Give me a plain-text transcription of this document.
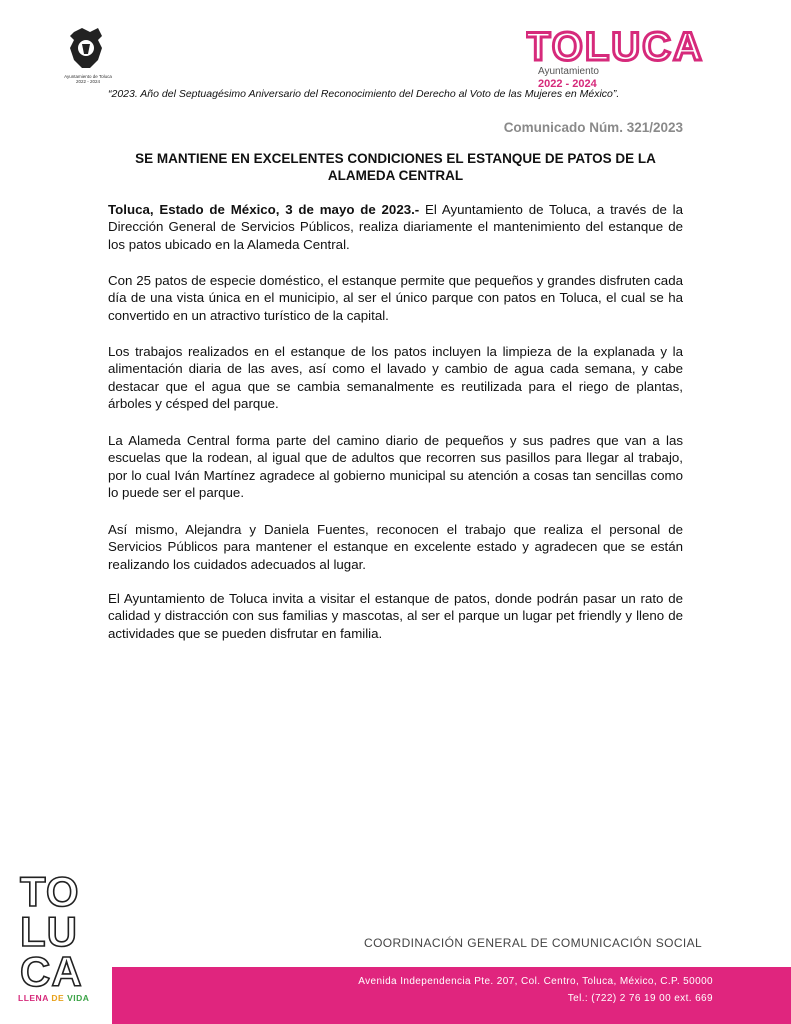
Ayuntamiento de Toluca
2022 - 2024
TOLUCA
Ayuntamiento
2022 - 2024
“2023. Año del Septuagésimo Aniversario del Reconocimiento del Derecho al Voto de las Mujeres en México”.
Comunicado Núm. 321/2023
SE MANTIENE EN EXCELENTES CONDICIONES EL ESTANQUE DE PATOS DE LA ALAMEDA CENTRAL
Toluca, Estado de México, 3 de mayo de 2023.- El Ayuntamiento de Toluca, a través de la Dirección General de Servicios Públicos, realiza diariamente el mantenimiento del estanque de los patos ubicado en la Alameda Central.
Con 25 patos de especie doméstico, el estanque permite que pequeños y grandes disfruten cada día de una vista única en el municipio, al ser el único parque con patos en Toluca, el cual se ha convertido en un atractivo turístico de la capital.
Los trabajos realizados en el estanque de los patos incluyen la limpieza de la explanada y la alimentación diaria de las aves, así como el lavado y cambio de agua cada semana, y cabe destacar que el agua que se cambia semanalmente es reutilizada para el riego de plantas, árboles y césped del parque.
La Alameda Central forma parte del camino diario de pequeños y sus padres que van a las escuelas que la rodean, al igual que de adultos que recorren sus pasillos para llegar al trabajo, por lo cual Iván Martínez agradece al gobierno municipal su atención a cosas tan sencillas como lo puede ser el parque.
Así mismo, Alejandra y Daniela Fuentes, reconocen el trabajo que realiza el personal de Servicios Públicos para mantener el estanque en excelente estado y agradecen que se están realizando los cuidados adecuados al lugar.
El Ayuntamiento de Toluca invita a visitar el estanque de patos, donde podrán pasar un rato de calidad y distracción con sus familias y mascotas, al ser el parque un lugar pet friendly y lleno de actividades que se pueden disfrutar en familia.
TO
LU
CA
LLENA DE VIDA
COORDINACIÓN GENERAL DE COMUNICACIÓN SOCIAL
Avenida Independencia Pte. 207, Col. Centro, Toluca, México, C.P. 50000
Tel.: (722) 2 76 19 00 ext. 669
